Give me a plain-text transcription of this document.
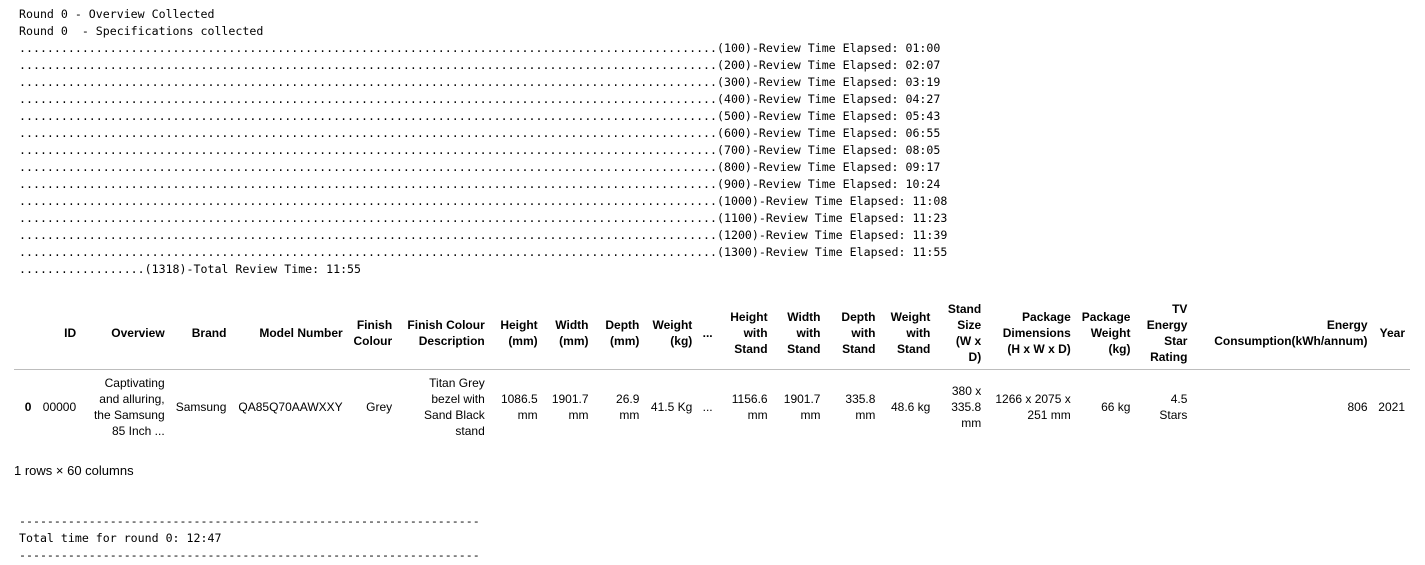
Round 0 - Overview Collected
Round 0  - Specifications collected
....................................................................................................(100)-Review Time Elapsed: 01:00
....................................................................................................(200)-Review Time Elapsed: 02:07
....................................................................................................(300)-Review Time Elapsed: 03:19
....................................................................................................(400)-Review Time Elapsed: 04:27
....................................................................................................(500)-Review Time Elapsed: 05:43
....................................................................................................(600)-Review Time Elapsed: 06:55
....................................................................................................(700)-Review Time Elapsed: 08:05
....................................................................................................(800)-Review Time Elapsed: 09:17
....................................................................................................(900)-Review Time Elapsed: 10:24
....................................................................................................(1000)-Review Time Elapsed: 11:08
....................................................................................................(1100)-Review Time Elapsed: 11:23
....................................................................................................(1200)-Review Time Elapsed: 11:39
....................................................................................................(1300)-Review Time Elapsed: 11:55
..................(1318)-Total Review Time: 11:55
	ID	Overview	Brand	Model Number	Finish Colour	Finish Colour Description	Height (mm)	Width (mm)	Depth (mm)	Weight (kg)	...	Height with Stand	Width with Stand	Depth with Stand	Weight with Stand	Stand Size (W x D)	Package Dimensions (H x W x D)	Package Weight (kg)	TV Energy Star Rating	Energy Consumption(kWh/annum)	Year
0	00000	Captivating and alluring, the Samsung 85 Inch ...	Samsung	QA85Q70AAWXXY	Grey	Titan Grey bezel with Sand Black stand	1086.5 mm	1901.7 mm	26.9 mm	41.5 Kg	...	1156.6 mm	1901.7 mm	335.8 mm	48.6 kg	380 x 335.8 mm	1266 x 2075 x 251 mm	66 kg	4.5 Stars	806	2021
1 rows × 60 columns
------------------------------------------------------------------
Total time for round 0: 12:47
------------------------------------------------------------------
